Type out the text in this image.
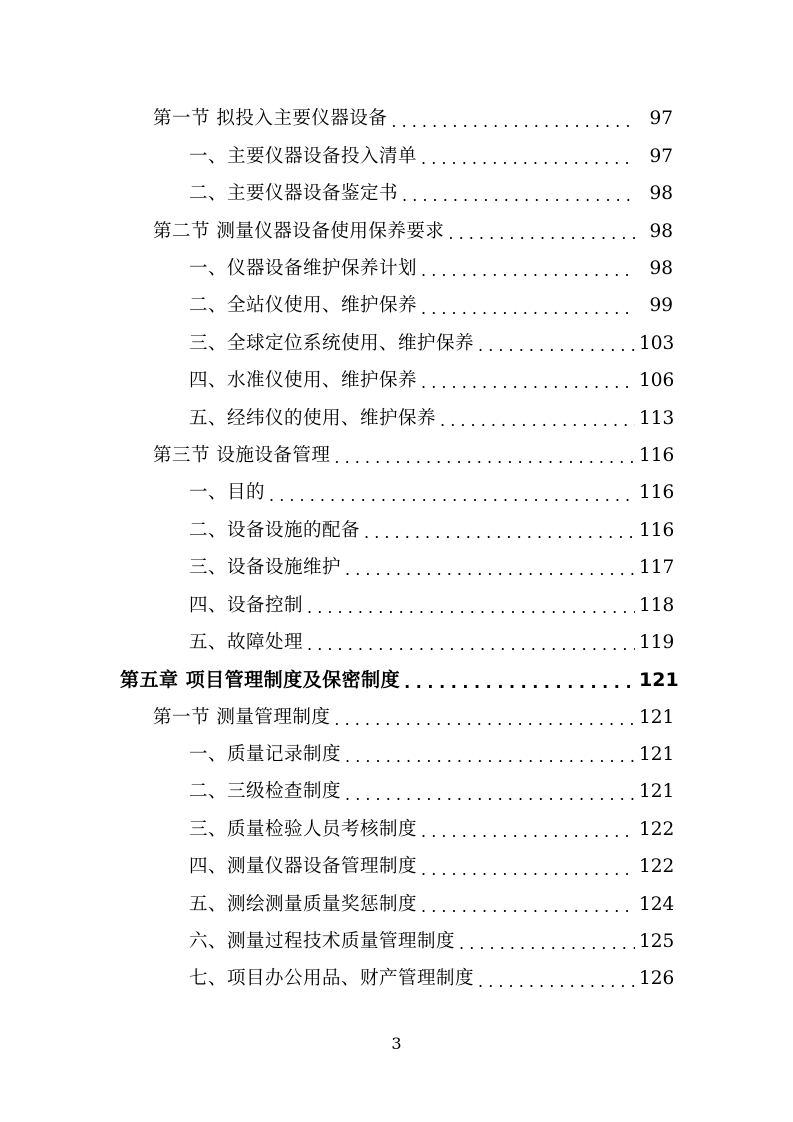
第一节 拟投入主要仪器设备 . . .	97
一、主要仪器设备投入清单 . . .	97
二、主要仪器设备鉴定书 . . .	98
第二节 测量仪器设备使用保养要求 . . .	98
一、仪器设备维护保养计划 . . .	98
二、全站仪使用、维护保养 . . .	99
三、全球定位系统使用、维护保养 . . .	103
四、水准仪使用、维护保养 . . .	106
五、经纬仪的使用、维护保养 . . .	113
第三节 设施设备管理 . . .	116
一、目的 . . .	116
二、设备设施的配备 . . .	116
三、设备设施维护 . . .	117
四、设备控制 . . .	118
五、故障处理 . . .	119
第五章 项目管理制度及保密制度 . . .	121
第一节 测量管理制度 . . .	121
一、质量记录制度 . . .	121
二、三级检查制度 . . .	121
三、质量检验人员考核制度 . . .	122
四、测量仪器设备管理制度 . . .	122
五、测绘测量质量奖惩制度 . . .	124
六、测量过程技术质量管理制度 . . .	125
七、项目办公用品、财产管理制度 . . .	126
3
